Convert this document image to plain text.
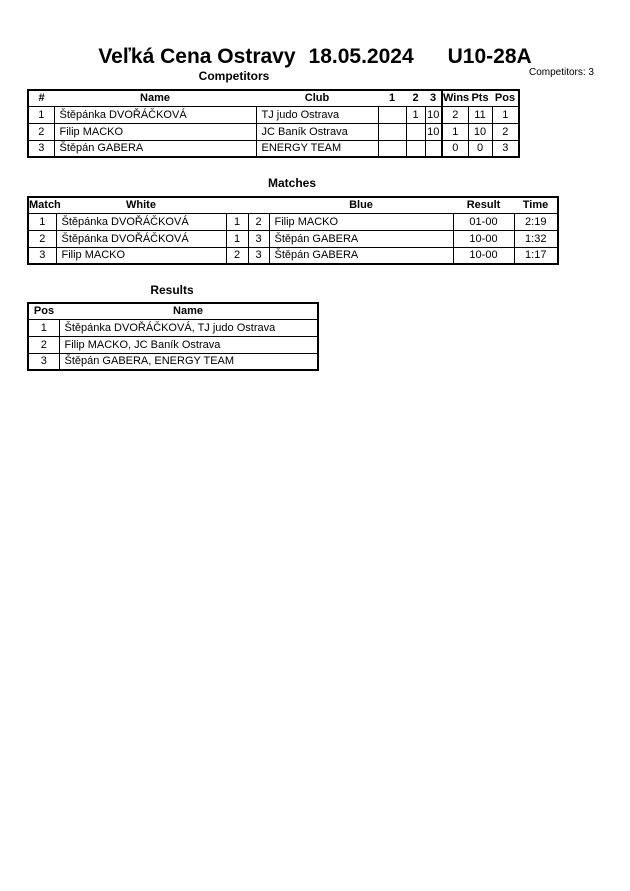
Veľká Cena Ostravy 18.05.2024 U10-28A
Competitors	Competitors: 3
#	Name	Club	1	2	3	Wins	Pts	Pos
1	Štěpánka DVOŘÁČKOVÁ	TJ judo Ostrava		1	10	2	11	1
2	Filip MACKO	JC Baník Ostrava			10	1	10	2
3	Štěpán GABERA	ENERGY TEAM				0	0	3
Matches
Match	White			Blue	Result	Time
1	Štěpánka DVOŘÁČKOVÁ	1	2	Filip MACKO	01-00	2:19
2	Štěpánka DVOŘÁČKOVÁ	1	3	Štěpán GABERA	10-00	1:32
3	Filip MACKO	2	3	Štěpán GABERA	10-00	1:17
Results
Pos	Name
1	Štěpánka DVOŘÁČKOVÁ, TJ judo Ostrava
2	Filip MACKO, JC Baník Ostrava
3	Štěpán GABERA, ENERGY TEAM
